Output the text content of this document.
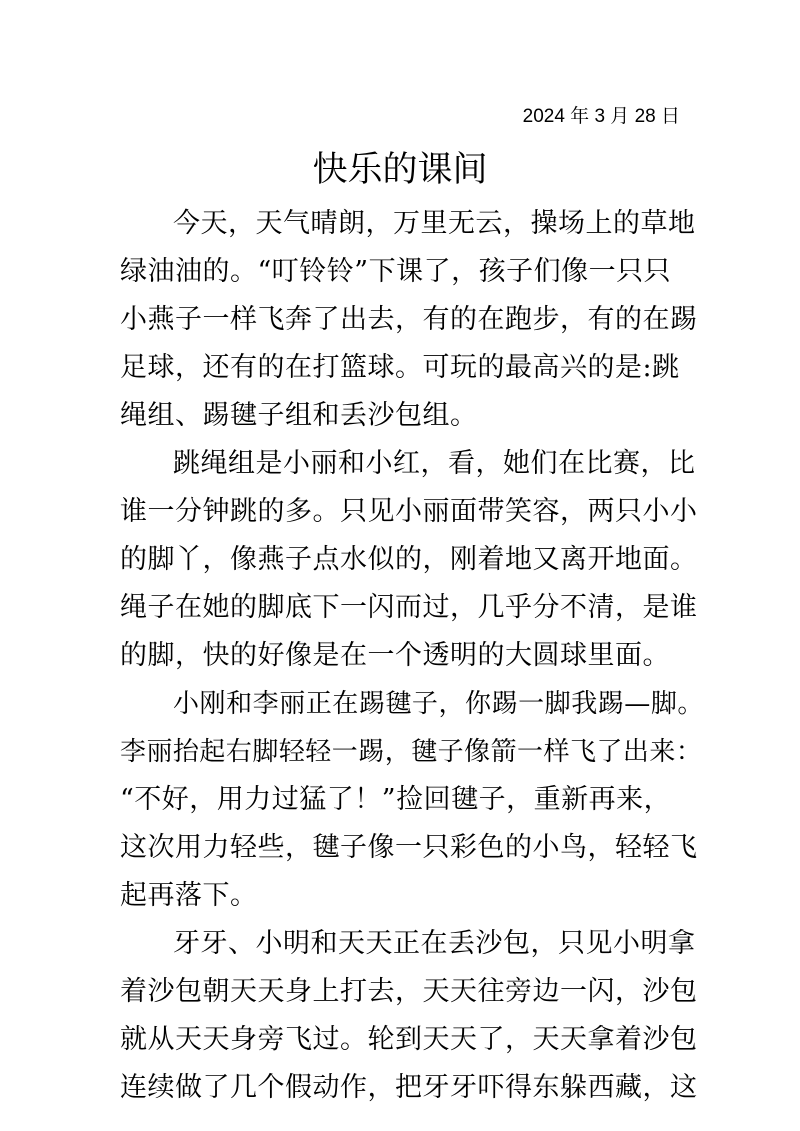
2024 年 3 月 28 日
快乐的课间
今天，天气晴朗，万里无云，操场上的草地
绿油油的。“叮铃铃”下课了，孩子们像一只只
小燕子一样飞奔了出去，有的在跑步，有的在踢
足球，还有的在打篮球。可玩的最高兴的是:跳
绳组、踢毽子组和丢沙包组。
跳绳组是小丽和小红，看，她们在比赛，比
谁一分钟跳的多。只见小丽面带笑容，两只小小
的脚丫，像燕子点水似的，刚着地又离开地面。
绳子在她的脚底下一闪而过，几乎分不清，是谁
的脚，快的好像是在一个透明的大圆球里面。
小刚和李丽正在踢毽子，你踢一脚我踢—脚。
李丽抬起右脚轻轻一踢，毽子像箭一样飞了出来：
“不好，用力过猛了！”捡回毽子，重新再来，
这次用力轻些，毽子像一只彩色的小鸟，轻轻飞
起再落下。
牙牙、小明和天天正在丢沙包，只见小明拿
着沙包朝天天身上打去，天天往旁边一闪，沙包
就从天天身旁飞过。轮到天天了，天天拿着沙包
连续做了几个假动作，把牙牙吓得东躲西藏，这
